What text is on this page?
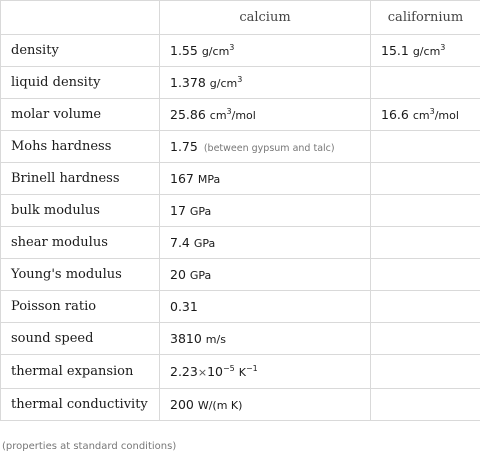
	calcium	californium
density	1.55 $g/cm^3$	15.1 $g/cm^3$
liquid density	1.378 $g/cm^3$	
molar volume	25.86 $cm^3$/mol	16.6 $cm^3$/mol
Mohs hardness	1.75 (between gypsum and talc)	
Brinell hardness	167 MPa	
bulk modulus	17 GPa	
shear modulus	7.4 GPa	
Young's modulus	20 GPa	
Poisson ratio	0.31	
sound speed	3810 m/s	
thermal expansion	$2.23\times 10^{-5}$ $K^{-1}$	
thermal conductivity	200 W/(m K)	
(properties at standard conditions)
